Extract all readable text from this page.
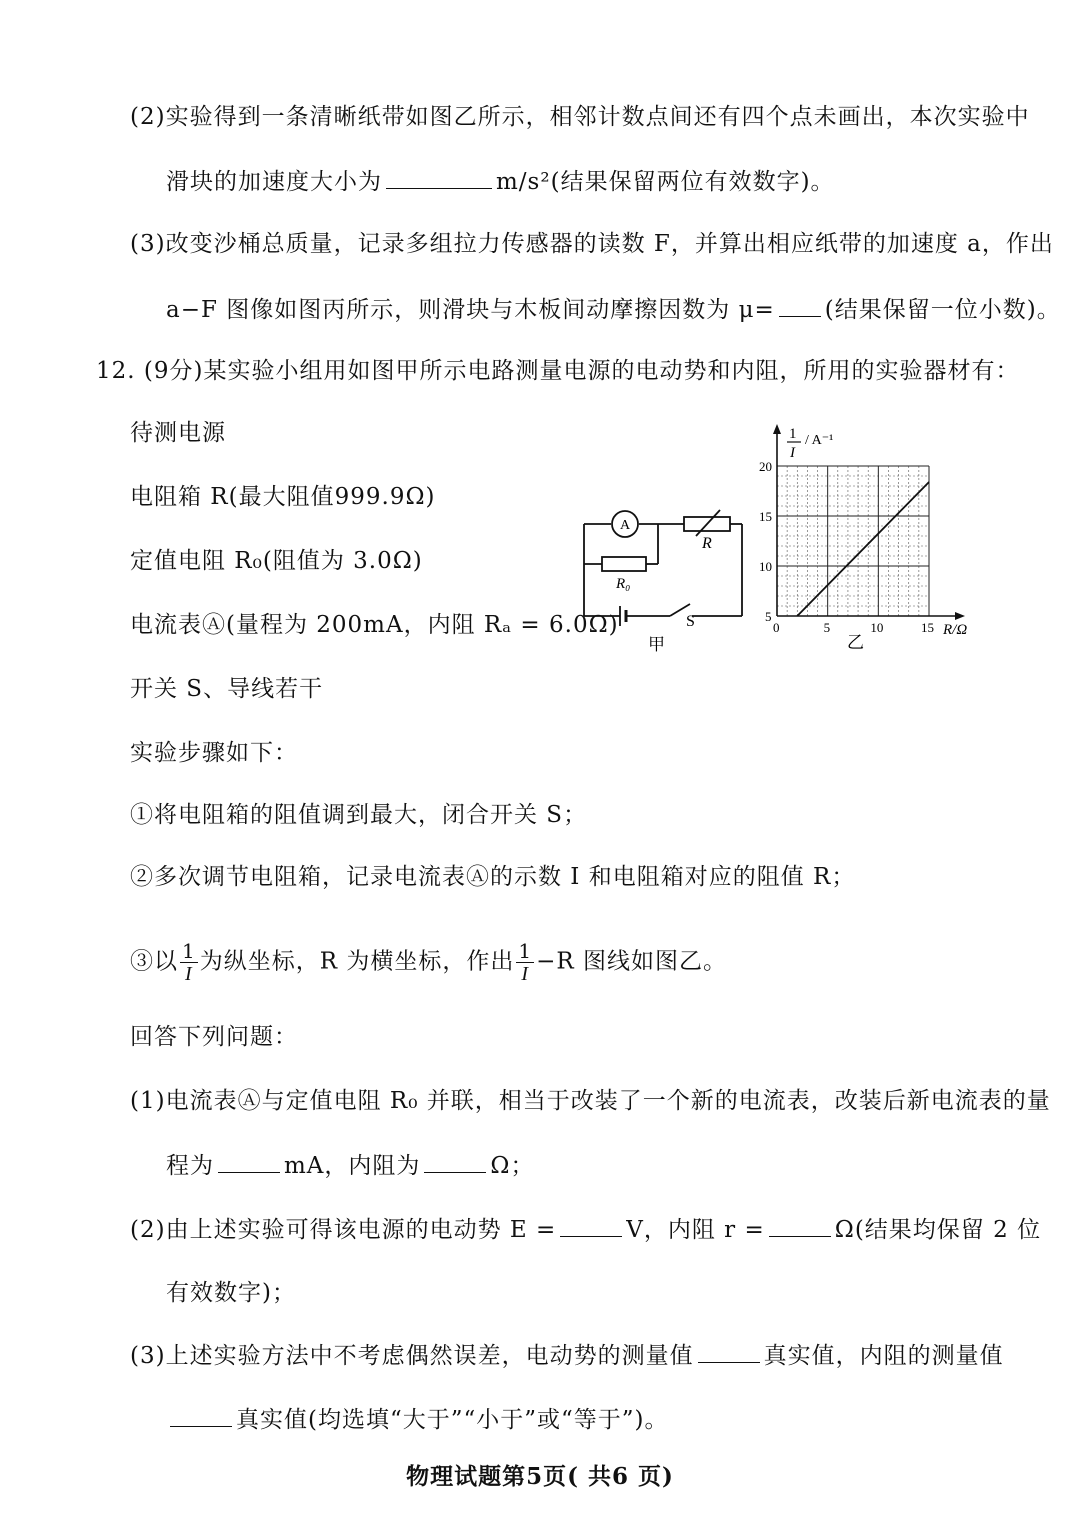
(2)实验得到一条清晰纸带如图乙所示，相邻计数点间还有四个点未画出，本次实验中
滑块的加速度大小为	m/s²(结果保留两位有效数字)。
(3)改变沙桶总质量，记录多组拉力传感器的读数 F，并算出相应纸带的加速度 a，作出
a−F 图像如图丙所示，则滑块与木板间动摩擦因数为 μ= (结果保留一位小数)。
12. (9分)某实验小组用如图甲所示电路测量电源的电动势和内阻，所用的实验器材有：
待测电源
电阻箱 R(最大阻值999.9Ω)
定值电阻 R₀(阻值为 3.0Ω)
电流表Ⓐ(量程为 200mA，内阻 Rₐ = 6.0Ω)
开关 S、导线若干
实验步骤如下：
①将电阻箱的阻值调到最大，闭合开关 S；
②多次调节电阻箱，记录电流表Ⓐ的示数 I 和电阻箱对应的阻值 R；
③以 $\frac{1}{I}$ 为纵坐标，R 为横坐标，作出 $\frac{1}{I} -R$ 图线如图乙。
回答下列问题：
(1)电流表Ⓐ与定值电阻 R₀ 并联，相当于改装了一个新的电流表，改装后新电流表的量
程为	mA，内阻为	Ω；
(2)由上述实验可得该电源的电动势 E =	V，内阻 r =	Ω(结果均保留 2 位
有效数字)；
(3)上述实验方法中不考虑偶然误差，电动势的测量值	真实值，内阻的测量值
真实值(均选填“大于”“小于”或“等于”)。
A
R
R₀
S
甲
0	5	10	15
5
10
15
20
1
I
/ A⁻¹
R/Ω
乙
物理试题第5页( 共6 页)
